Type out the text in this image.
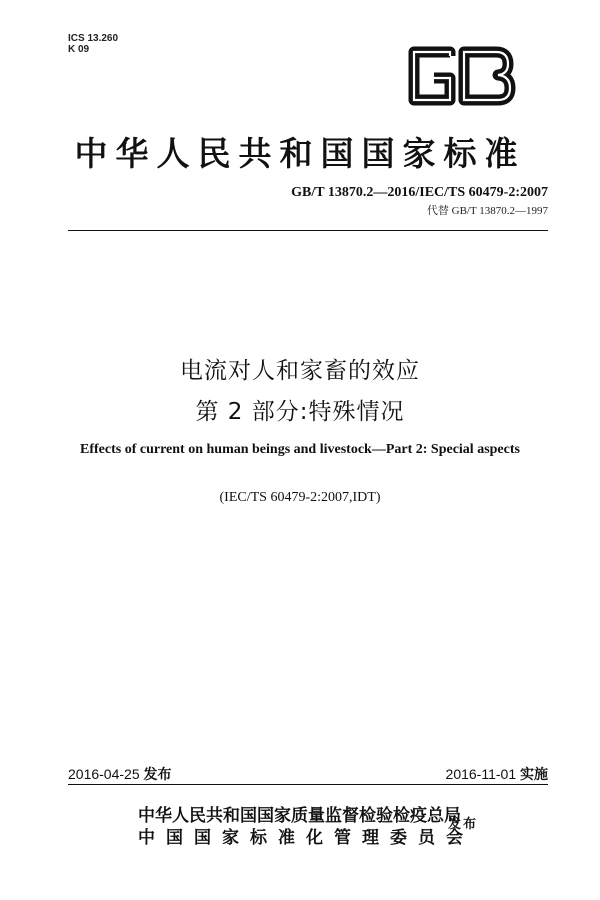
ICS 13.260
K 09
中华人民共和国国家标准
GB/T 13870.2—2016/IEC/TS 60479-2:2007
代替 GB/T 13870.2—1997
电流对人和家畜的效应
第 2 部分:特殊情况
Effects of current on human beings and livestock—Part 2: Special aspects
(IEC/TS 60479-2:2007,IDT)
2016-04-25 发布	2016-11-01 实施
中华人民共和国国家质量监督检验检疫总局
中国国家标准化管理委员会
发布
